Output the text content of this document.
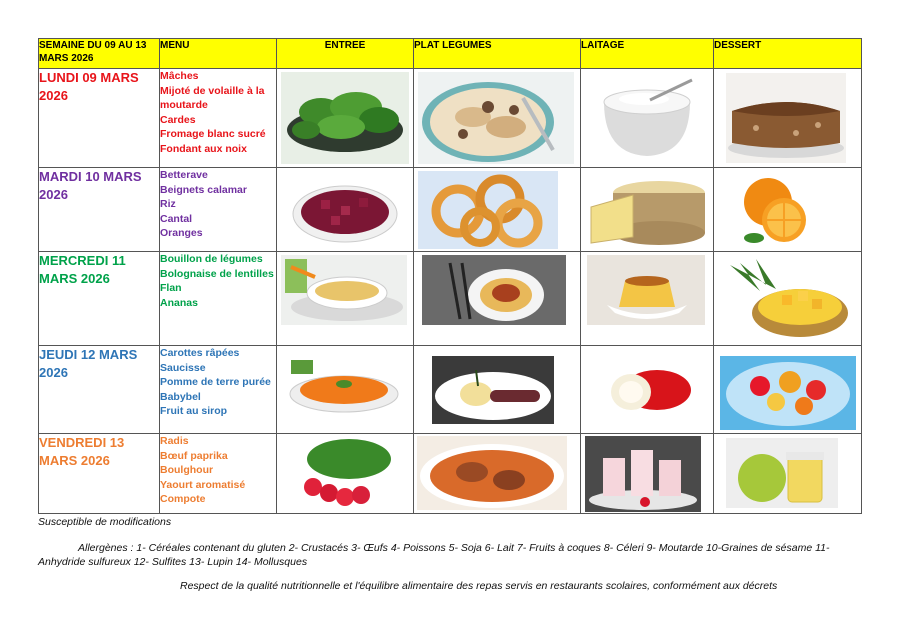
SEMAINE DU 09 AU 13 MARS 2026	MENU	ENTREE	PLAT LEGUMES	LAITAGE	DESSERT
LUNDI 09 MARS 2026	Mâches
Mijoté de volaille à la moutarde
Cardes
Fromage blanc sucré
Fondant aux noix

MARDI 10 MARS 2026	Betterave
Beignets calamar
Riz
Cantal
Oranges

MERCREDI 11 MARS 2026	Bouillon de légumes
Bolognaise de lentilles
Flan
Ananas

JEUDI 12 MARS 2026	Carottes râpées
Saucisse
Pomme de terre purée
Babybel
Fruit au sirop

VENDREDI 13 MARS 2026	Radis
Bœuf paprika
Boulghour
Yaourt aromatisé
Compote

Susceptible de modifications
Allergènes : 1- Céréales contenant du gluten 2- Crustacés 3- Œufs 4- Poissons 5- Soja 6- Lait 7- Fruits à coques 8- Céleri 9- Moutarde 10-Graines de sésame 11-
Anhydride sulfureux 12- Sulfites 13- Lupin 14- Mollusques
Respect de la qualité nutritionnelle et l'équilibre alimentaire des repas servis en restaurants scolaires, conformément aux décrets
